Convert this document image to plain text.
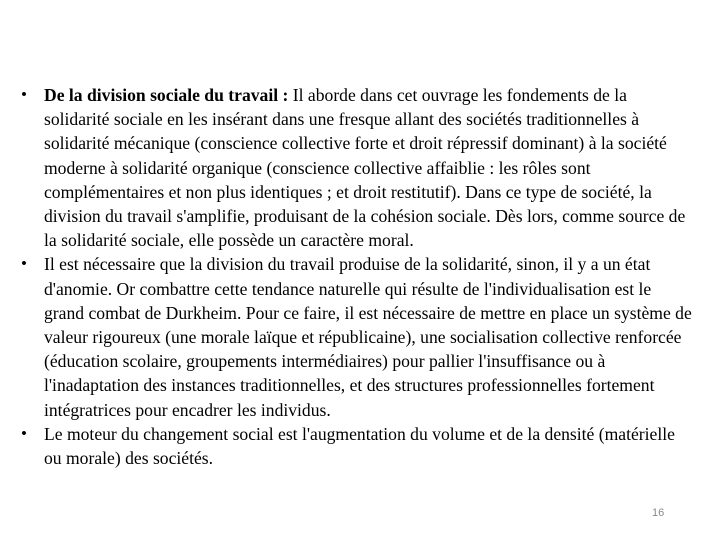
• De la division sociale du travail : Il aborde dans cet ouvrage les fondements de la solidarité sociale en les insérant dans une fresque allant des sociétés traditionnelles à solidarité mécanique (conscience collective forte et droit répressif dominant) à la société moderne à solidarité organique (conscience collective affaiblie : les rôles sont complémentaires et non plus identiques ; et droit restitutif). Dans ce type de société, la division du travail s'amplifie, produisant de la cohésion sociale. Dès lors, comme source de la solidarité sociale, elle possède un caractère moral.
• Il est nécessaire que la division du travail produise de la solidarité, sinon, il y a un état d'anomie. Or combattre cette tendance naturelle qui résulte de l'individualisation est le grand combat de Durkheim. Pour ce faire, il est nécessaire de mettre en place un système de valeur rigoureux (une morale laïque et républicaine), une socialisation collective renforcée (éducation scolaire, groupements intermédiaires) pour pallier l'insuffisance ou à l'inadaptation des instances traditionnelles, et des structures professionnelles fortement intégratrices pour encadrer les individus.
• Le moteur du changement social est l'augmentation du volume et de la densité (matérielle ou morale) des sociétés.
16
